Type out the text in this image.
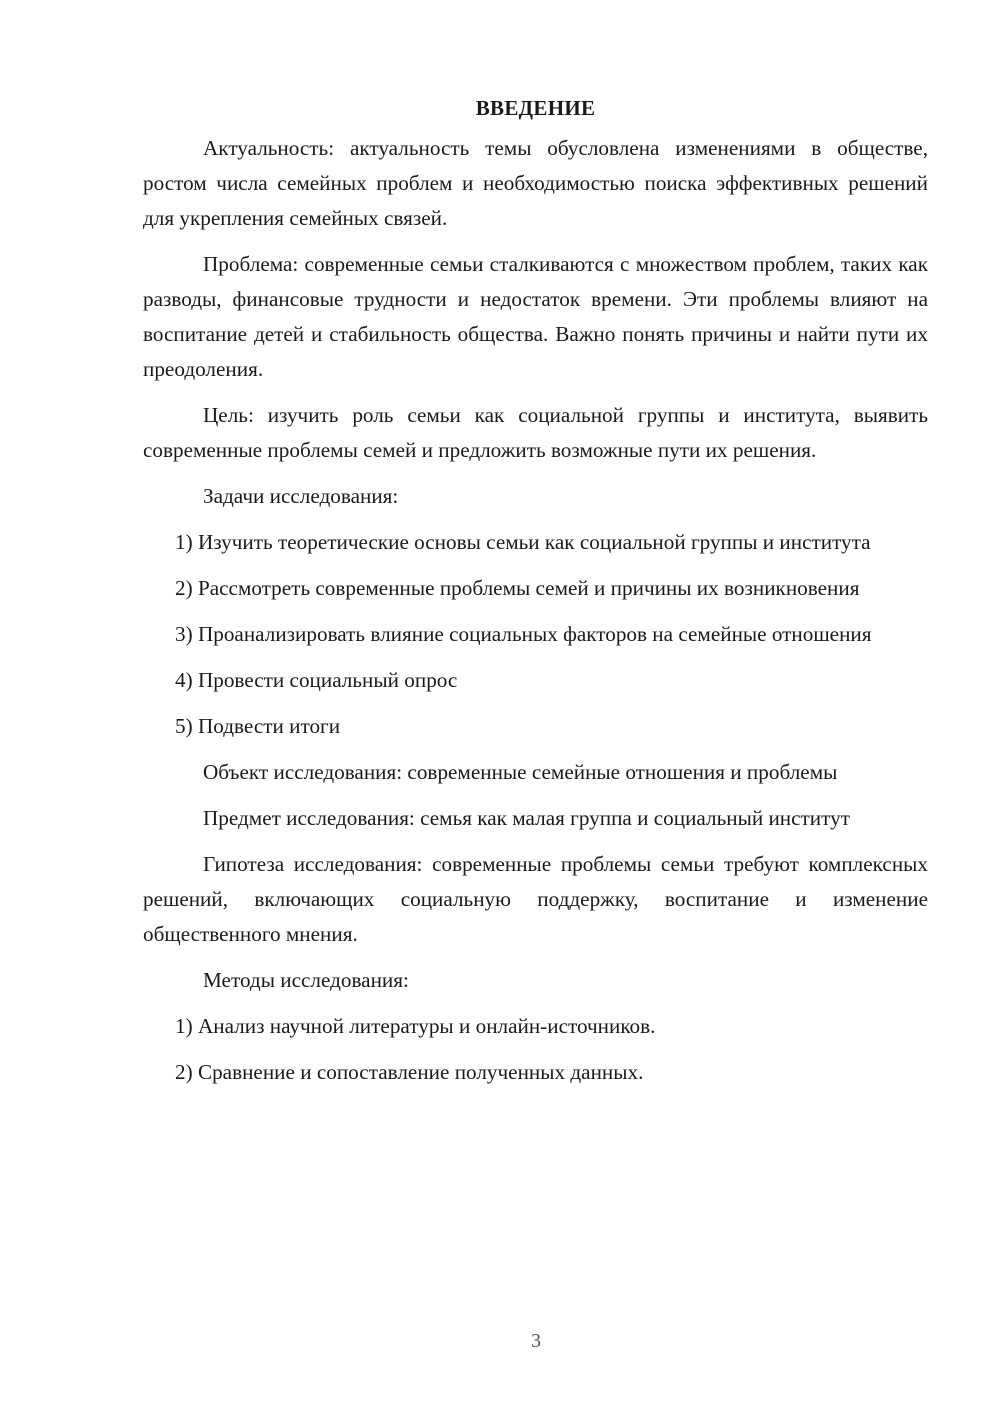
ВВЕДЕНИЕ

Актуальность: актуальность темы обусловлена изменениями в обществе, ростом числа семейных проблем и необходимостью поиска эффективных решений для укрепления семейных связей.

Проблема: современные семьи сталкиваются с множеством проблем, таких как разводы, финансовые трудности и недостаток времени. Эти проблемы влияют на воспитание детей и стабильность общества. Важно понять причины и найти пути их преодоления.

Цель: изучить роль семьи как социальной группы и института, выявить современные проблемы семей и предложить возможные пути их решения.

Задачи исследования:

1) Изучить теоретические основы семьи как социальной группы и института

2) Рассмотреть современные проблемы семей и причины их возникновения

3) Проанализировать влияние социальных факторов на семейные отношения

4) Провести социальный опрос

5) Подвести итоги

Объект исследования: современные семейные отношения и проблемы

Предмет исследования: семья как малая группа и социальный институт

Гипотеза исследования: современные проблемы семьи требуют комплексных решений, включающих социальную поддержку, воспитание и изменение общественного мнения.

Методы исследования:

1) Анализ научной литературы и онлайн-источников.

2) Сравнение и сопоставление полученных данных.

3
